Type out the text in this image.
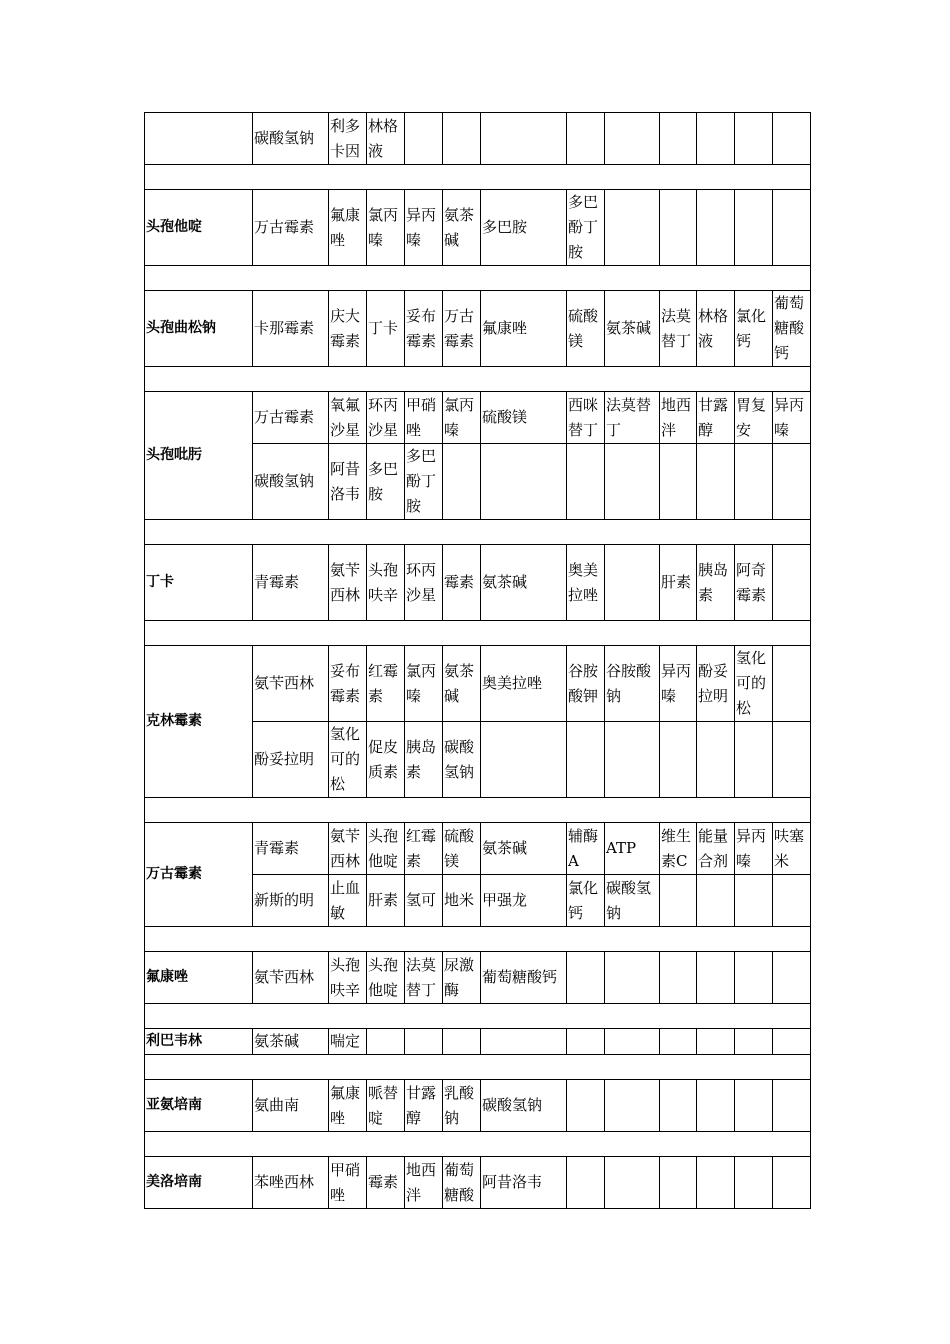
	碳酸氢钠	利多卡因	林格液									

头孢他啶	万古霉素	氟康唑	氯丙嗪	异丙嗪	氨茶碱	多巴胺	多巴酚丁胺					

头孢曲松钠	卡那霉素	庆大霉素	丁卡	妥布霉素	万古霉素	氟康唑	硫酸镁	氨茶碱	法莫替丁	林格液	氯化钙	葡萄糖酸钙

头孢吡肟	万古霉素	氧氟沙星	环丙沙星	甲硝唑	氯丙嗪	硫酸镁	西咪替丁	法莫替丁	地西泮	甘露醇	胃复安	异丙嗪
	碳酸氢钠	阿昔洛韦	多巴胺	多巴酚丁胺								

丁卡	青霉素	氨苄西林	头孢呋辛	环丙沙星	霉素	氨茶碱	奥美拉唑		肝素	胰岛素	阿奇霉素	

克林霉素	氨苄西林	妥布霉素	红霉素	氯丙嗪	氨茶碱	奥美拉唑	谷胺酸钾	谷胺酸钠	异丙嗪	酚妥拉明	氢化可的松	
	酚妥拉明	氢化可的松	促皮质素	胰岛素	碳酸氢钠							

万古霉素	青霉素	氨苄西林	头孢他啶	红霉素	硫酸镁	氨茶碱	辅酶A	ATP	维生素C	能量合剂	异丙嗪	呋塞米
	新斯的明	止血敏	肝素	氢可	地米	甲强龙	氯化钙	碳酸氢钠				

氟康唑	氨苄西林	头孢呋辛	头孢他啶	法莫替丁	尿激酶	葡萄糖酸钙						

利巴韦林	氨茶碱	喘定										

亚氨培南	氨曲南	氟康唑	哌替啶	甘露醇	乳酸钠	碳酸氢钠						

美洛培南	苯唑西林	甲硝唑	霉素	地西泮	葡萄糖酸	阿昔洛韦						
